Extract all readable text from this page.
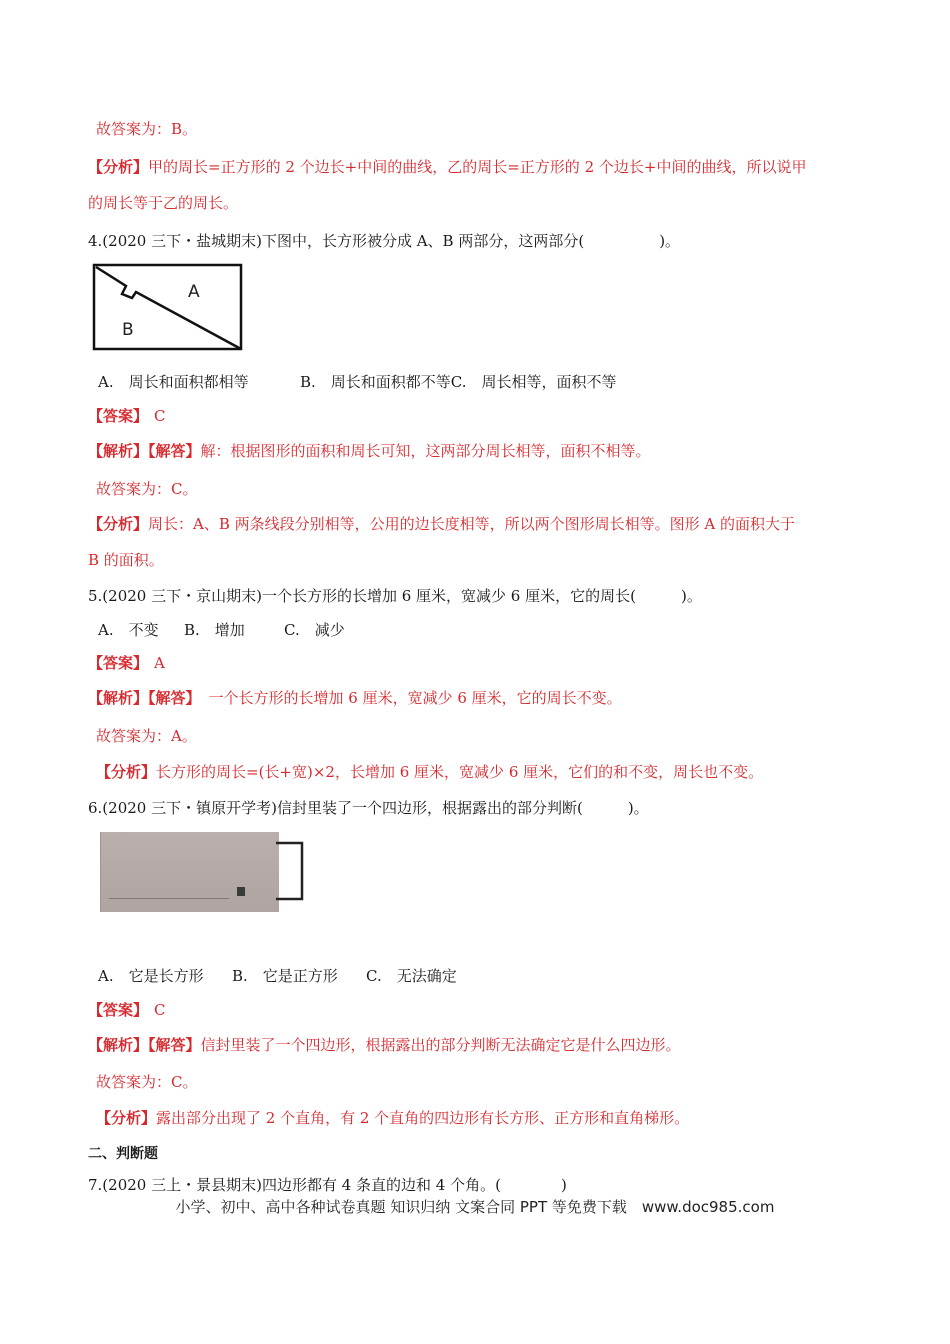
故答案为：B。
【分析】甲的周长=正方形的 2 个边长+中间的曲线，乙的周长=正方形的 2 个边长+中间的曲线，所以说甲
的周长等于乙的周长。
4.(2020 三下・盐城期末)下图中，长方形被分成 A、B 两部分，这两部分(　　　　　)。
A
B
A.　周长和面积都相等	B.　周长和面积都不等C.　周长相等，面积不等
【答案】 C
【解析】【解答】解：根据图形的面积和周长可知，这两部分周长相等，面积不相等。
故答案为：C。
【分析】周长：A、B 两条线段分别相等，公用的边长度相等，所以两个图形周长相等。图形 A 的面积大于
B 的面积。
5.(2020 三下・京山期末)一个长方形的长增加 6 厘米，宽减少 6 厘米，它的周长(　　　)。
A.　不变 B.　增加	C.　减少
【答案】 A
【解析】【解答】 一个长方形的长增加 6 厘米，宽减少 6 厘米，它的周长不变。
故答案为：A。
【分析】长方形的周长=(长+宽)×2，长增加 6 厘米，宽减少 6 厘米，它们的和不变，周长也不变。
6.(2020 三下・镇原开学考)信封里装了一个四边形，根据露出的部分判断(　　　)。
A.　它是长方形 B.　它是正方形 C.　无法确定
【答案】 C
【解析】【解答】信封里装了一个四边形，根据露出的部分判断无法确定它是什么四边形。
故答案为：C。
【分析】露出部分出现了 2 个直角，有 2 个直角的四边形有长方形、正方形和直角梯形。
二、判断题
7.(2020 三上・景县期末)四边形都有 4 条直的边和 4 个角。(　　　　)
小学、初中、高中各种试卷真题 知识归纳 文案合同 PPT 等免费下载　www.doc985.com
